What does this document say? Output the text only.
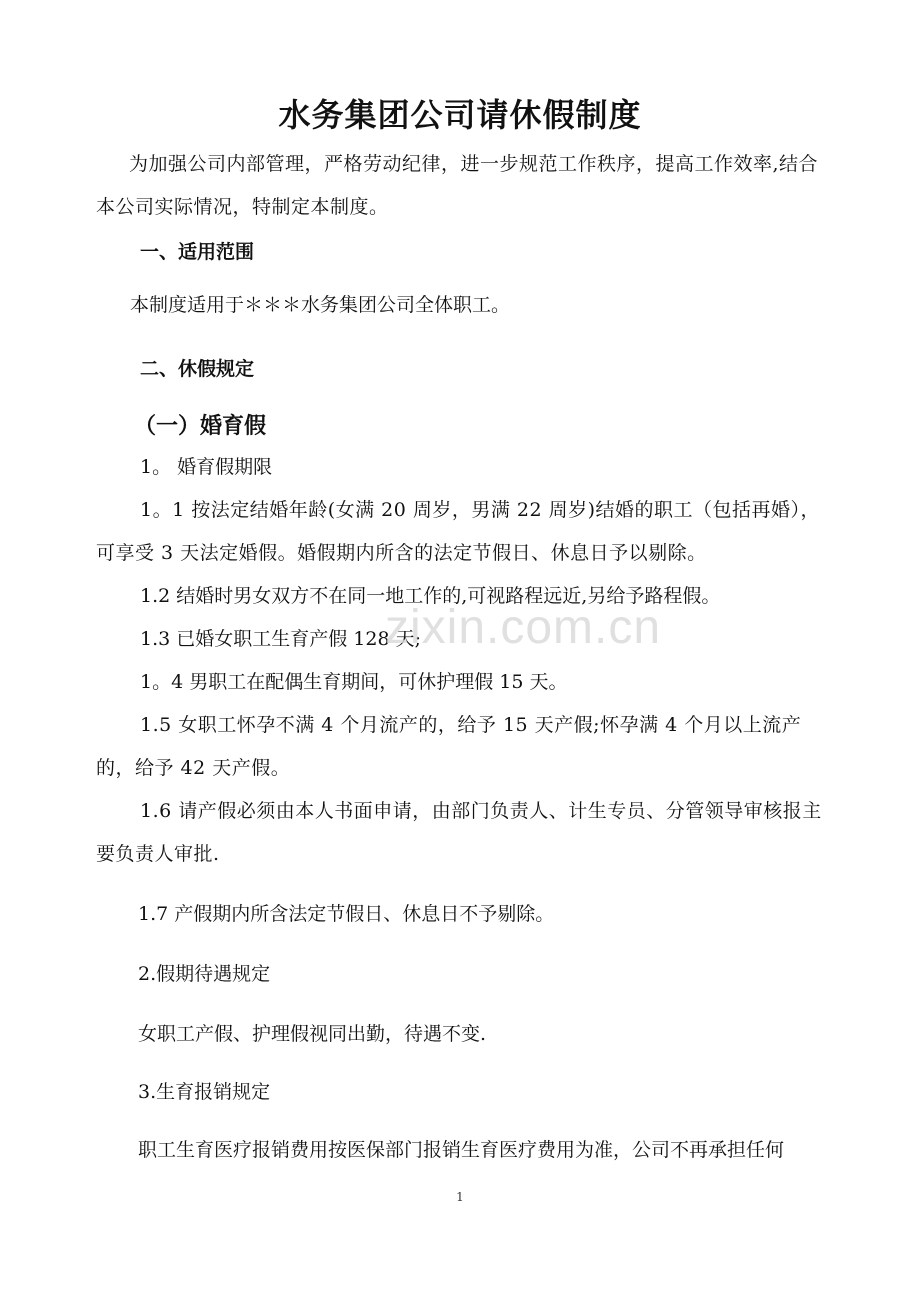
水务集团公司请休假制度

为加强公司内部管理，严格劳动纪律，进一步规范工作秩序，提高工作效率,结合本公司实际情况，特制定本制度。

一、适用范围

本制度适用于＊＊＊水务集团公司全体职工。

二、休假规定
（一）婚育假

1。 婚育假期限

1。1 按法定结婚年龄(女满 20 周岁，男满 22 周岁)结婚的职工（包括再婚），可享受 3 天法定婚假。婚假期内所含的法定节假日、休息日予以剔除。

1.2 结婚时男女双方不在同一地工作的,可视路程远近,另给予路程假。

1.3 已婚女职工生育产假 128 天;

1。4 男职工在配偶生育期间，可休护理假 15 天。

1.5 女职工怀孕不满 4 个月流产的，给予 15 天产假;怀孕满 4 个月以上流产的，给予 42 天产假。

1.6 请产假必须由本人书面申请，由部门负责人、计生专员、分管领导审核报主要负责人审批.

1.7 产假期内所含法定节假日、休息日不予剔除。

2.假期待遇规定

女职工产假、护理假视同出勤，待遇不变.

3.生育报销规定

职工生育医疗报销费用按医保部门报销生育医疗费用为准，公司不再承担任何

zixin.com.cn
1
